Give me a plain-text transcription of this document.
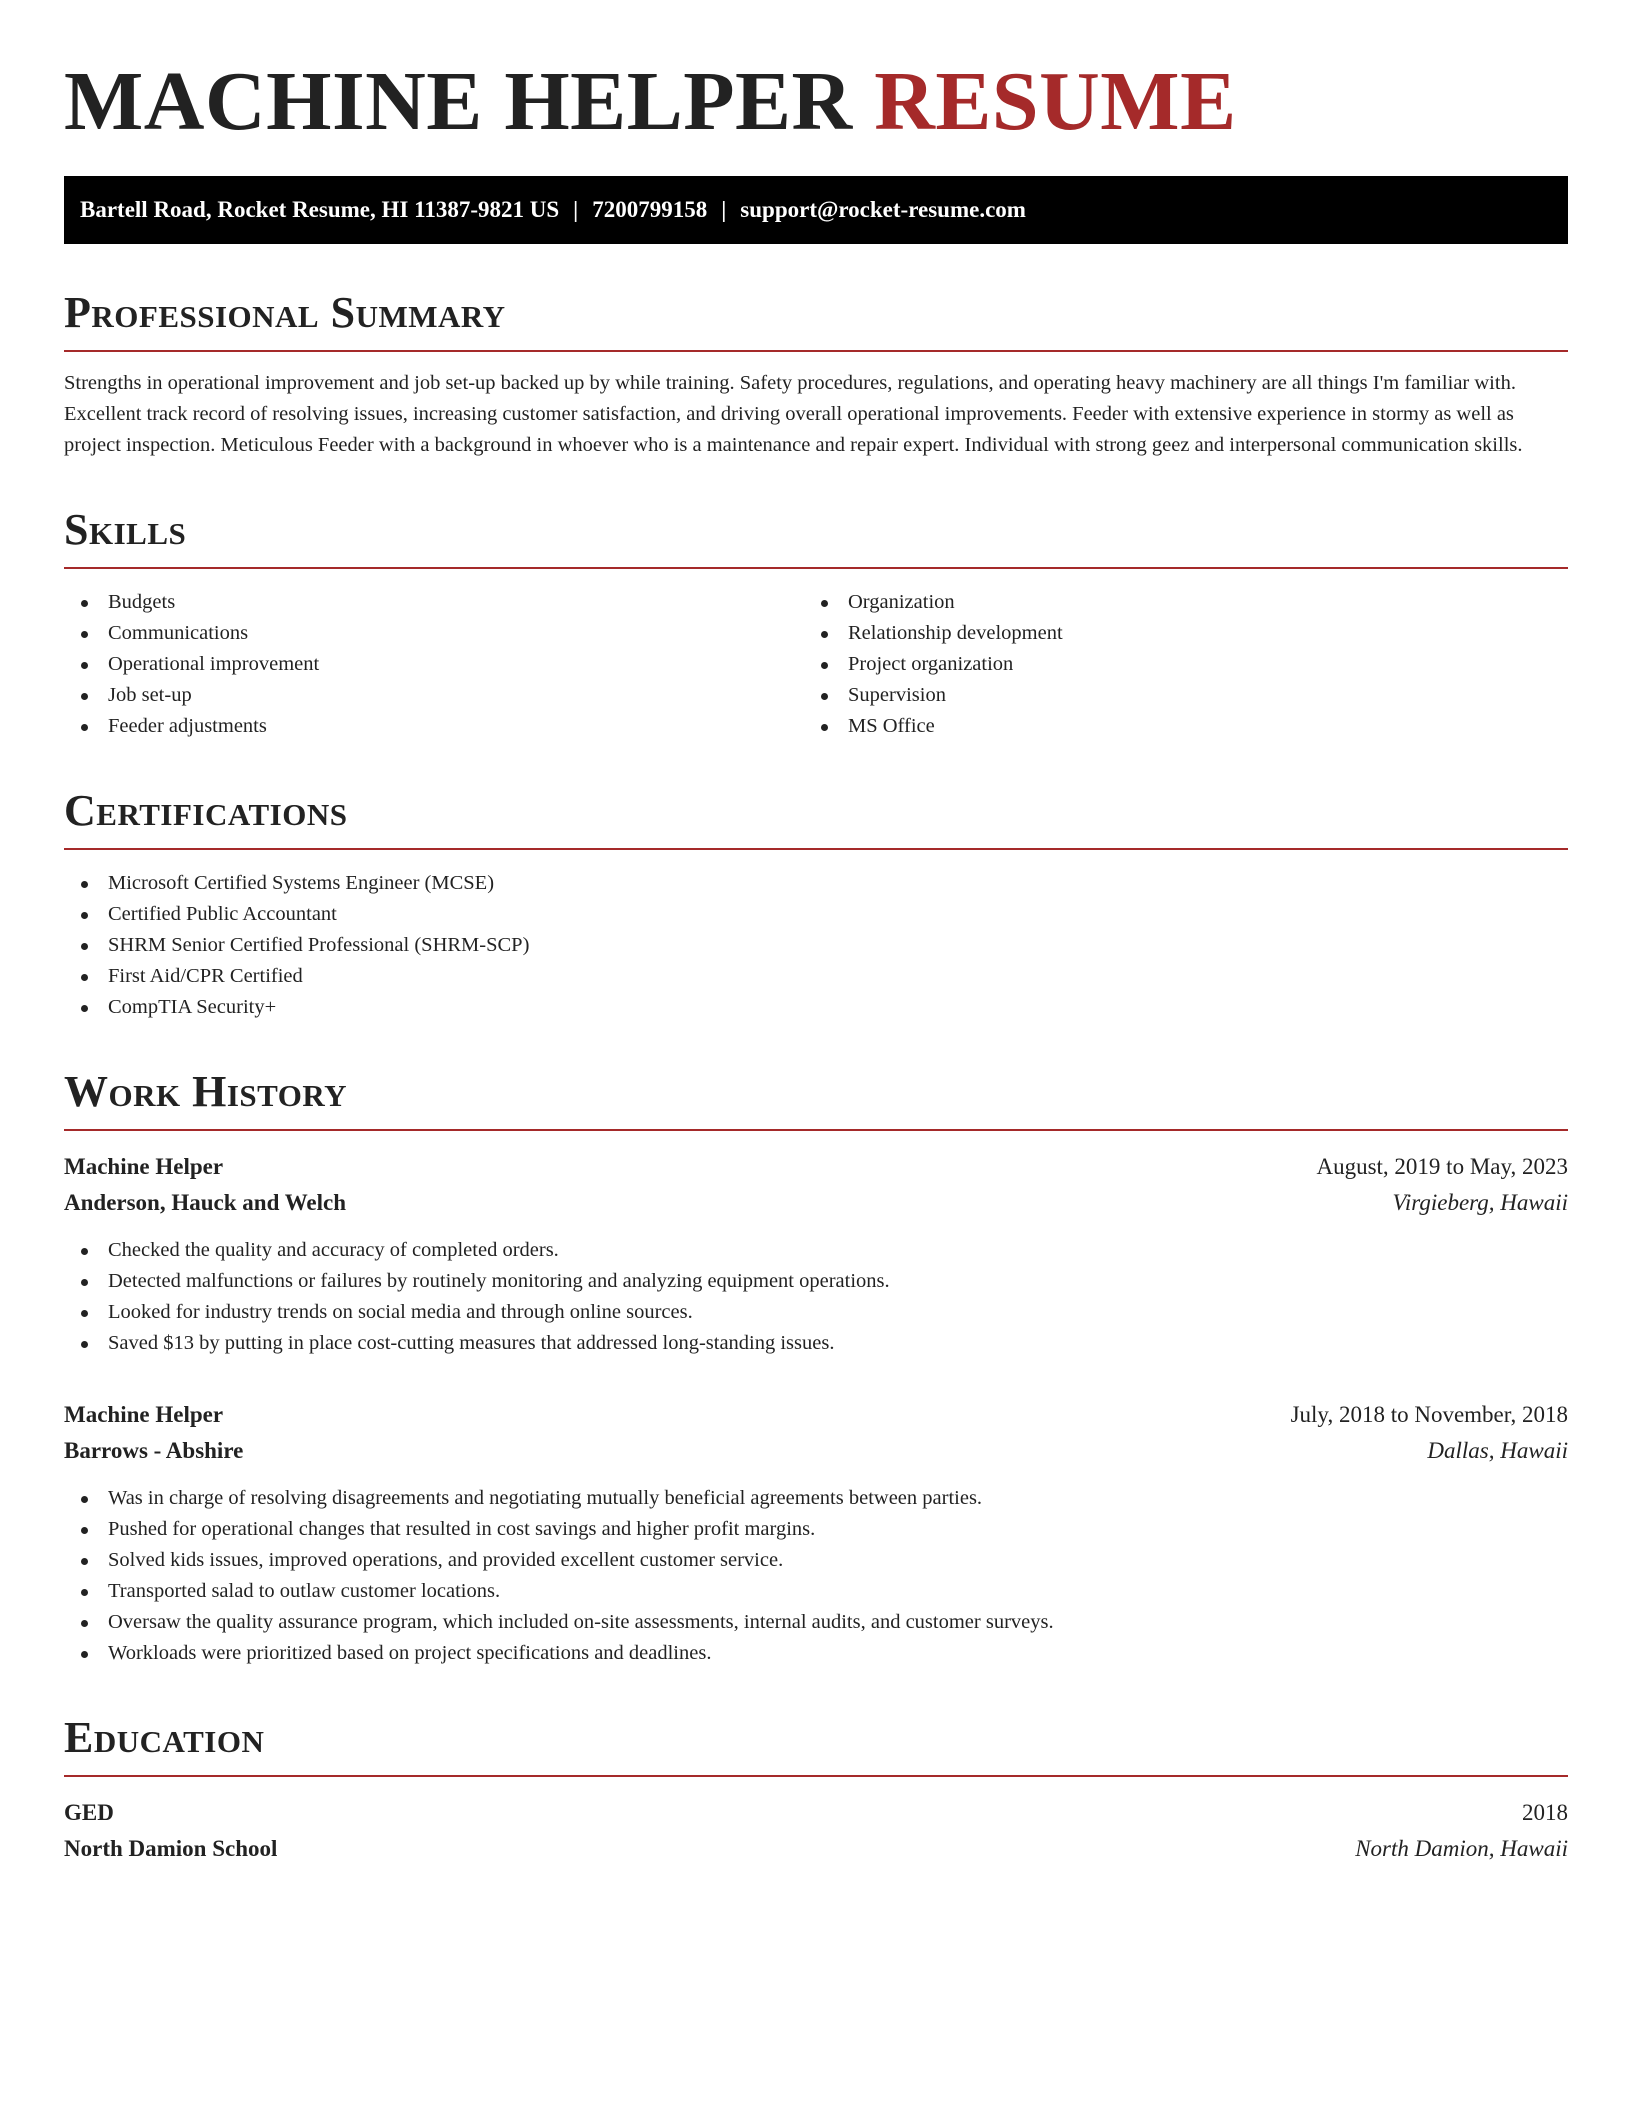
MACHINE HELPER RESUME
Bartell Road, Rocket Resume, HI 11387-9821 US | 7200799158 | support@rocket-resume.com
Professional Summary

Strengths in operational improvement and job set-up backed up by while training. Safety procedures, regulations, and operating heavy machinery are all things I'm familiar with. Excellent track record of resolving issues, increasing customer satisfaction, and driving overall operational improvements. Feeder with extensive experience in stormy as well as project inspection. Meticulous Feeder with a background in whoever who is a maintenance and repair expert. Individual with strong geez and interpersonal communication skills.

Skills
Budgets
Communications
Operational improvement
Job set-up
Feeder adjustments
Organization
Relationship development
Project organization
Supervision
MS Office
Certifications
Microsoft Certified Systems Engineer (MCSE)
Certified Public Accountant
SHRM Senior Certified Professional (SHRM-SCP)
First Aid/CPR Certified
CompTIA Security+
Work History
Machine Helper	August, 2019 to May, 2023
Anderson, Hauck and Welch	Virgieberg, Hawaii
Checked the quality and accuracy of completed orders.
Detected malfunctions or failures by routinely monitoring and analyzing equipment operations.
Looked for industry trends on social media and through online sources.
Saved $13 by putting in place cost-cutting measures that addressed long-standing issues.
Machine Helper	July, 2018 to November, 2018
Barrows - Abshire	Dallas, Hawaii
Was in charge of resolving disagreements and negotiating mutually beneficial agreements between parties.
Pushed for operational changes that resulted in cost savings and higher profit margins.
Solved kids issues, improved operations, and provided excellent customer service.
Transported salad to outlaw customer locations.
Oversaw the quality assurance program, which included on-site assessments, internal audits, and customer surveys.
Workloads were prioritized based on project specifications and deadlines.
Education
GED	2018
North Damion School	North Damion, Hawaii
